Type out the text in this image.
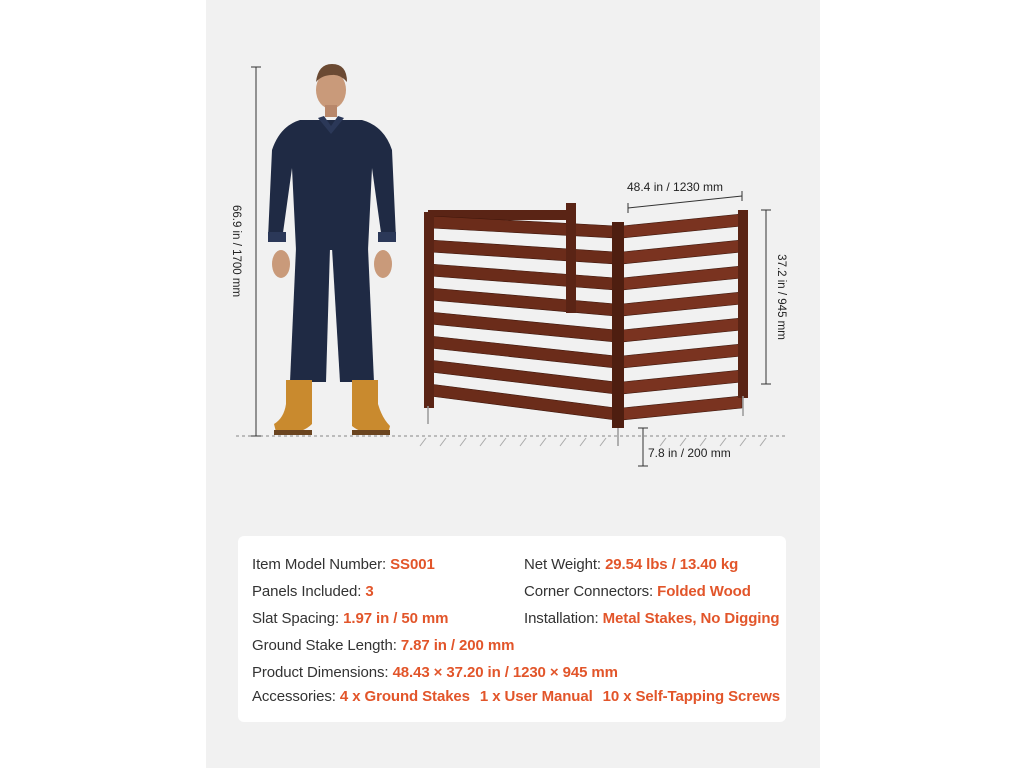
66.9 in / 1700 mm
48.4 in / 1230 mm
37.2 in / 945 mm
7.8 in / 200 mm
Item Model Number: SS001	Net Weight: 29.54 lbs / 13.40 kg
Panels Included: 3	Corner Connectors: Folded Wood
Slat Spacing: 1.97 in / 50 mm	Installation: Metal Stakes, No Digging
Ground Stake Length: 7.87 in / 200 mm
Product Dimensions: 48.43 × 37.20 in / 1230 × 945 mm
Accessories: 4 x Ground Stakes 1 x User Manual 10 x Self-Tapping Screws
